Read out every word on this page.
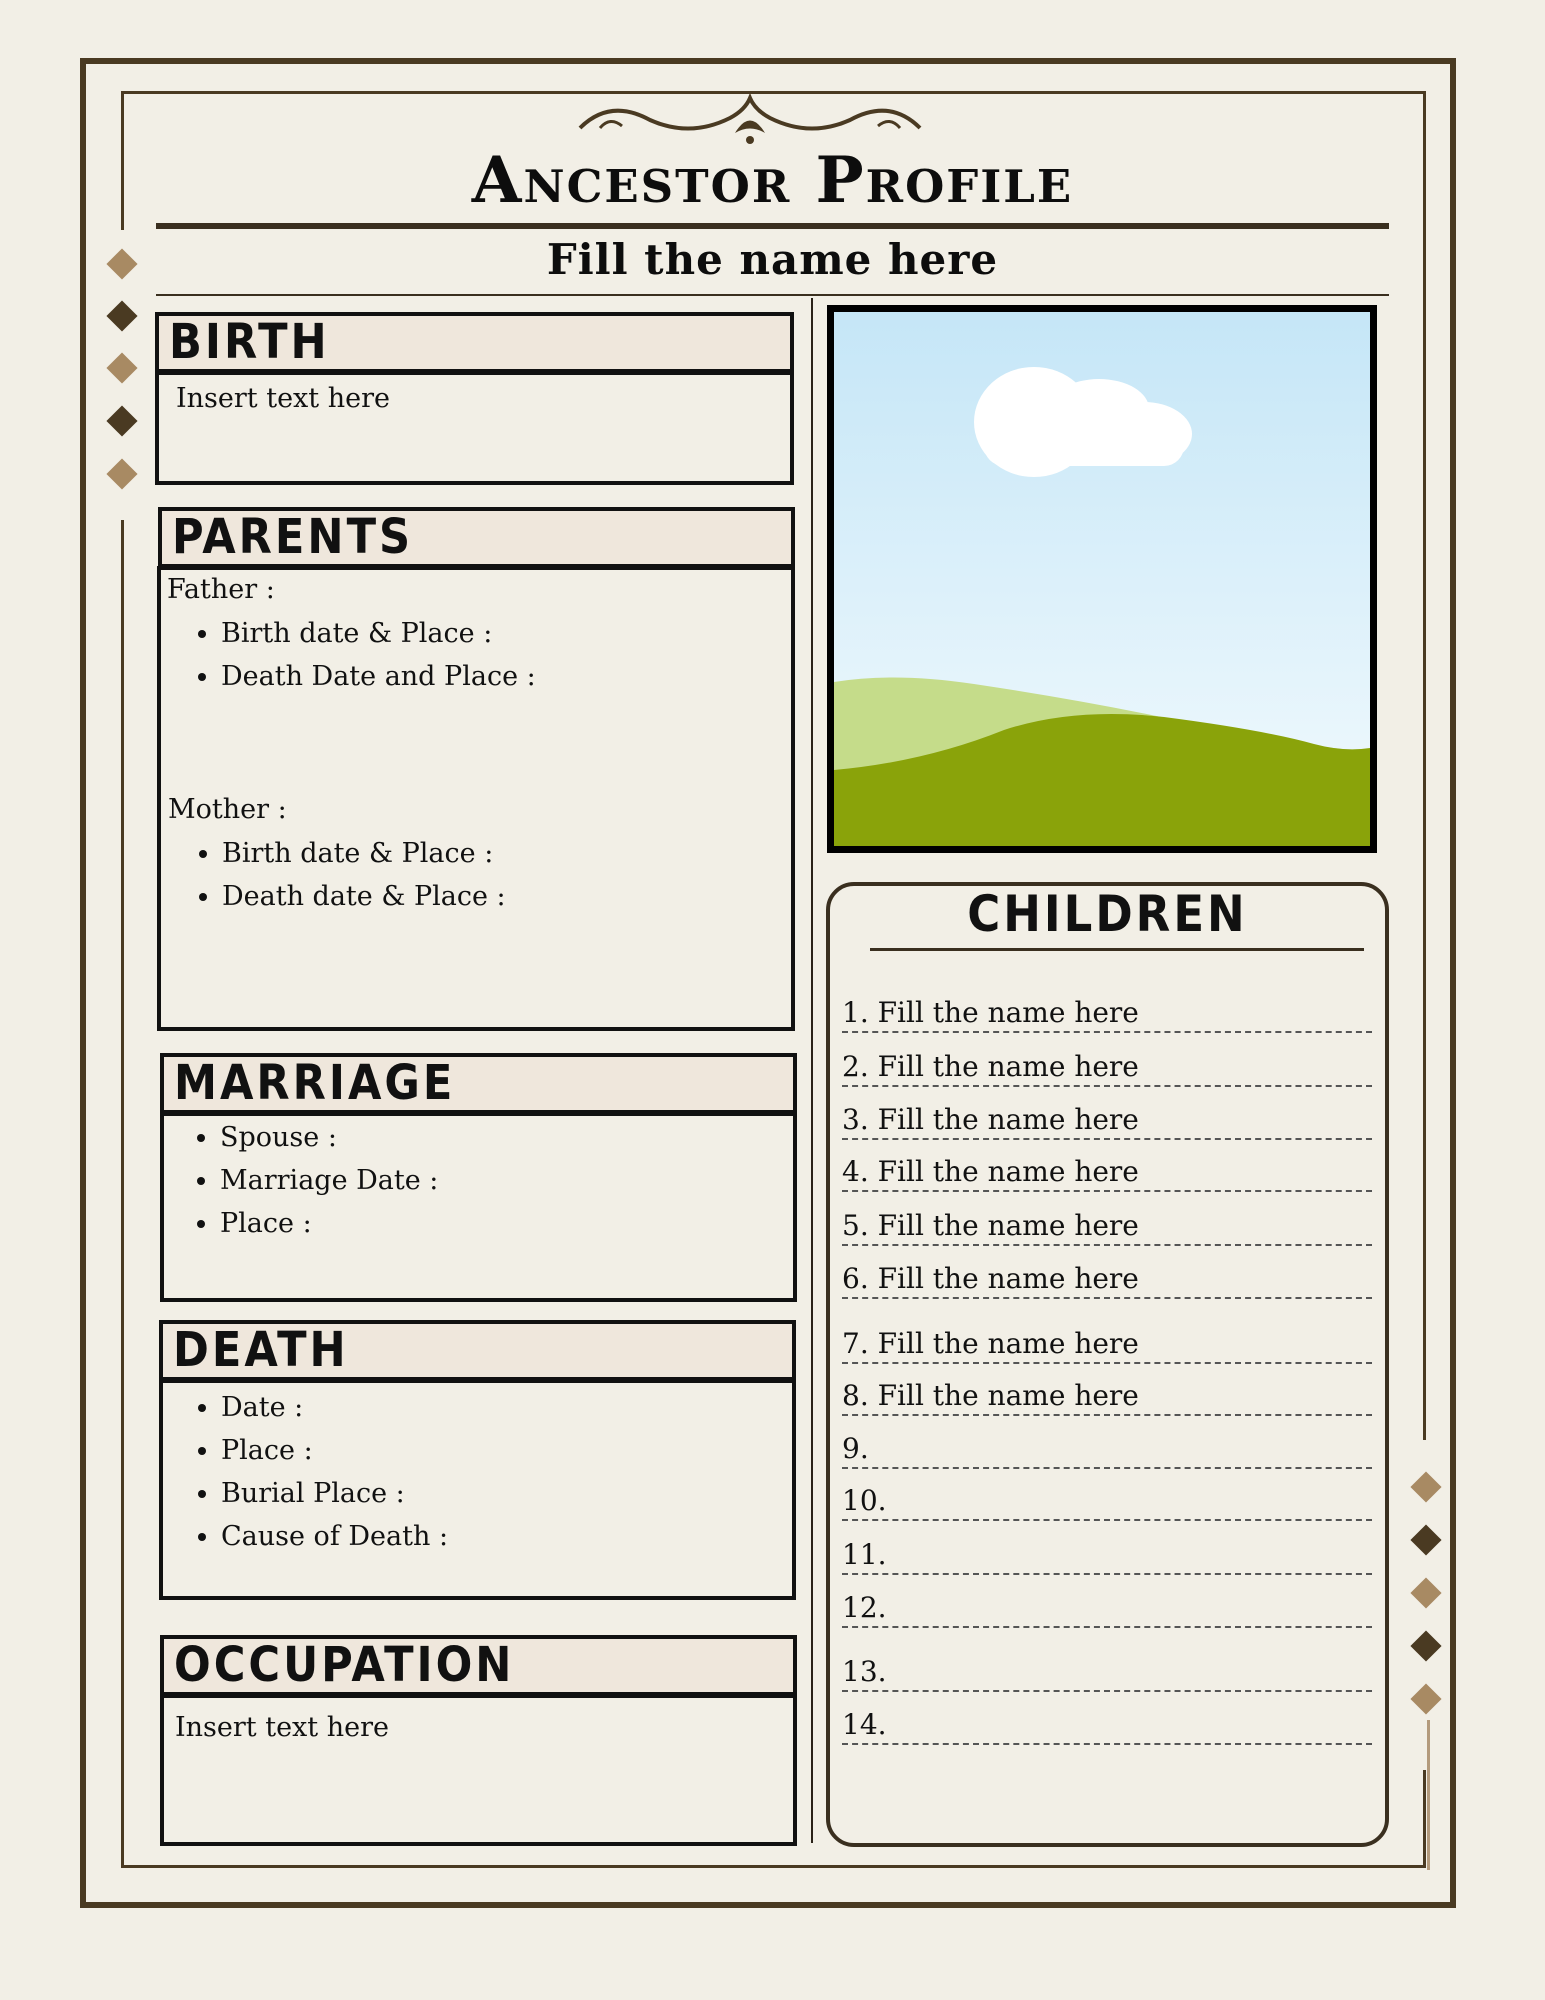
Ancestor Profile
Fill the name here
BIRTH
Insert text here
PARENTS
Father :
• Birth date & Place :
• Death Date and Place :
Mother :
• Birth date & Place :
• Death date & Place :
MARRIAGE
• Spouse :
• Marriage Date :
• Place :
DEATH
• Date :
• Place :
• Burial Place :
• Cause of Death :
OCCUPATION
Insert text here
CHILDREN
1. Fill the name here
2. Fill the name here
3. Fill the name here
4. Fill the name here
5. Fill the name here
6. Fill the name here
7. Fill the name here
8. Fill the name here
9.
10.
11.
12.
13.
14.
